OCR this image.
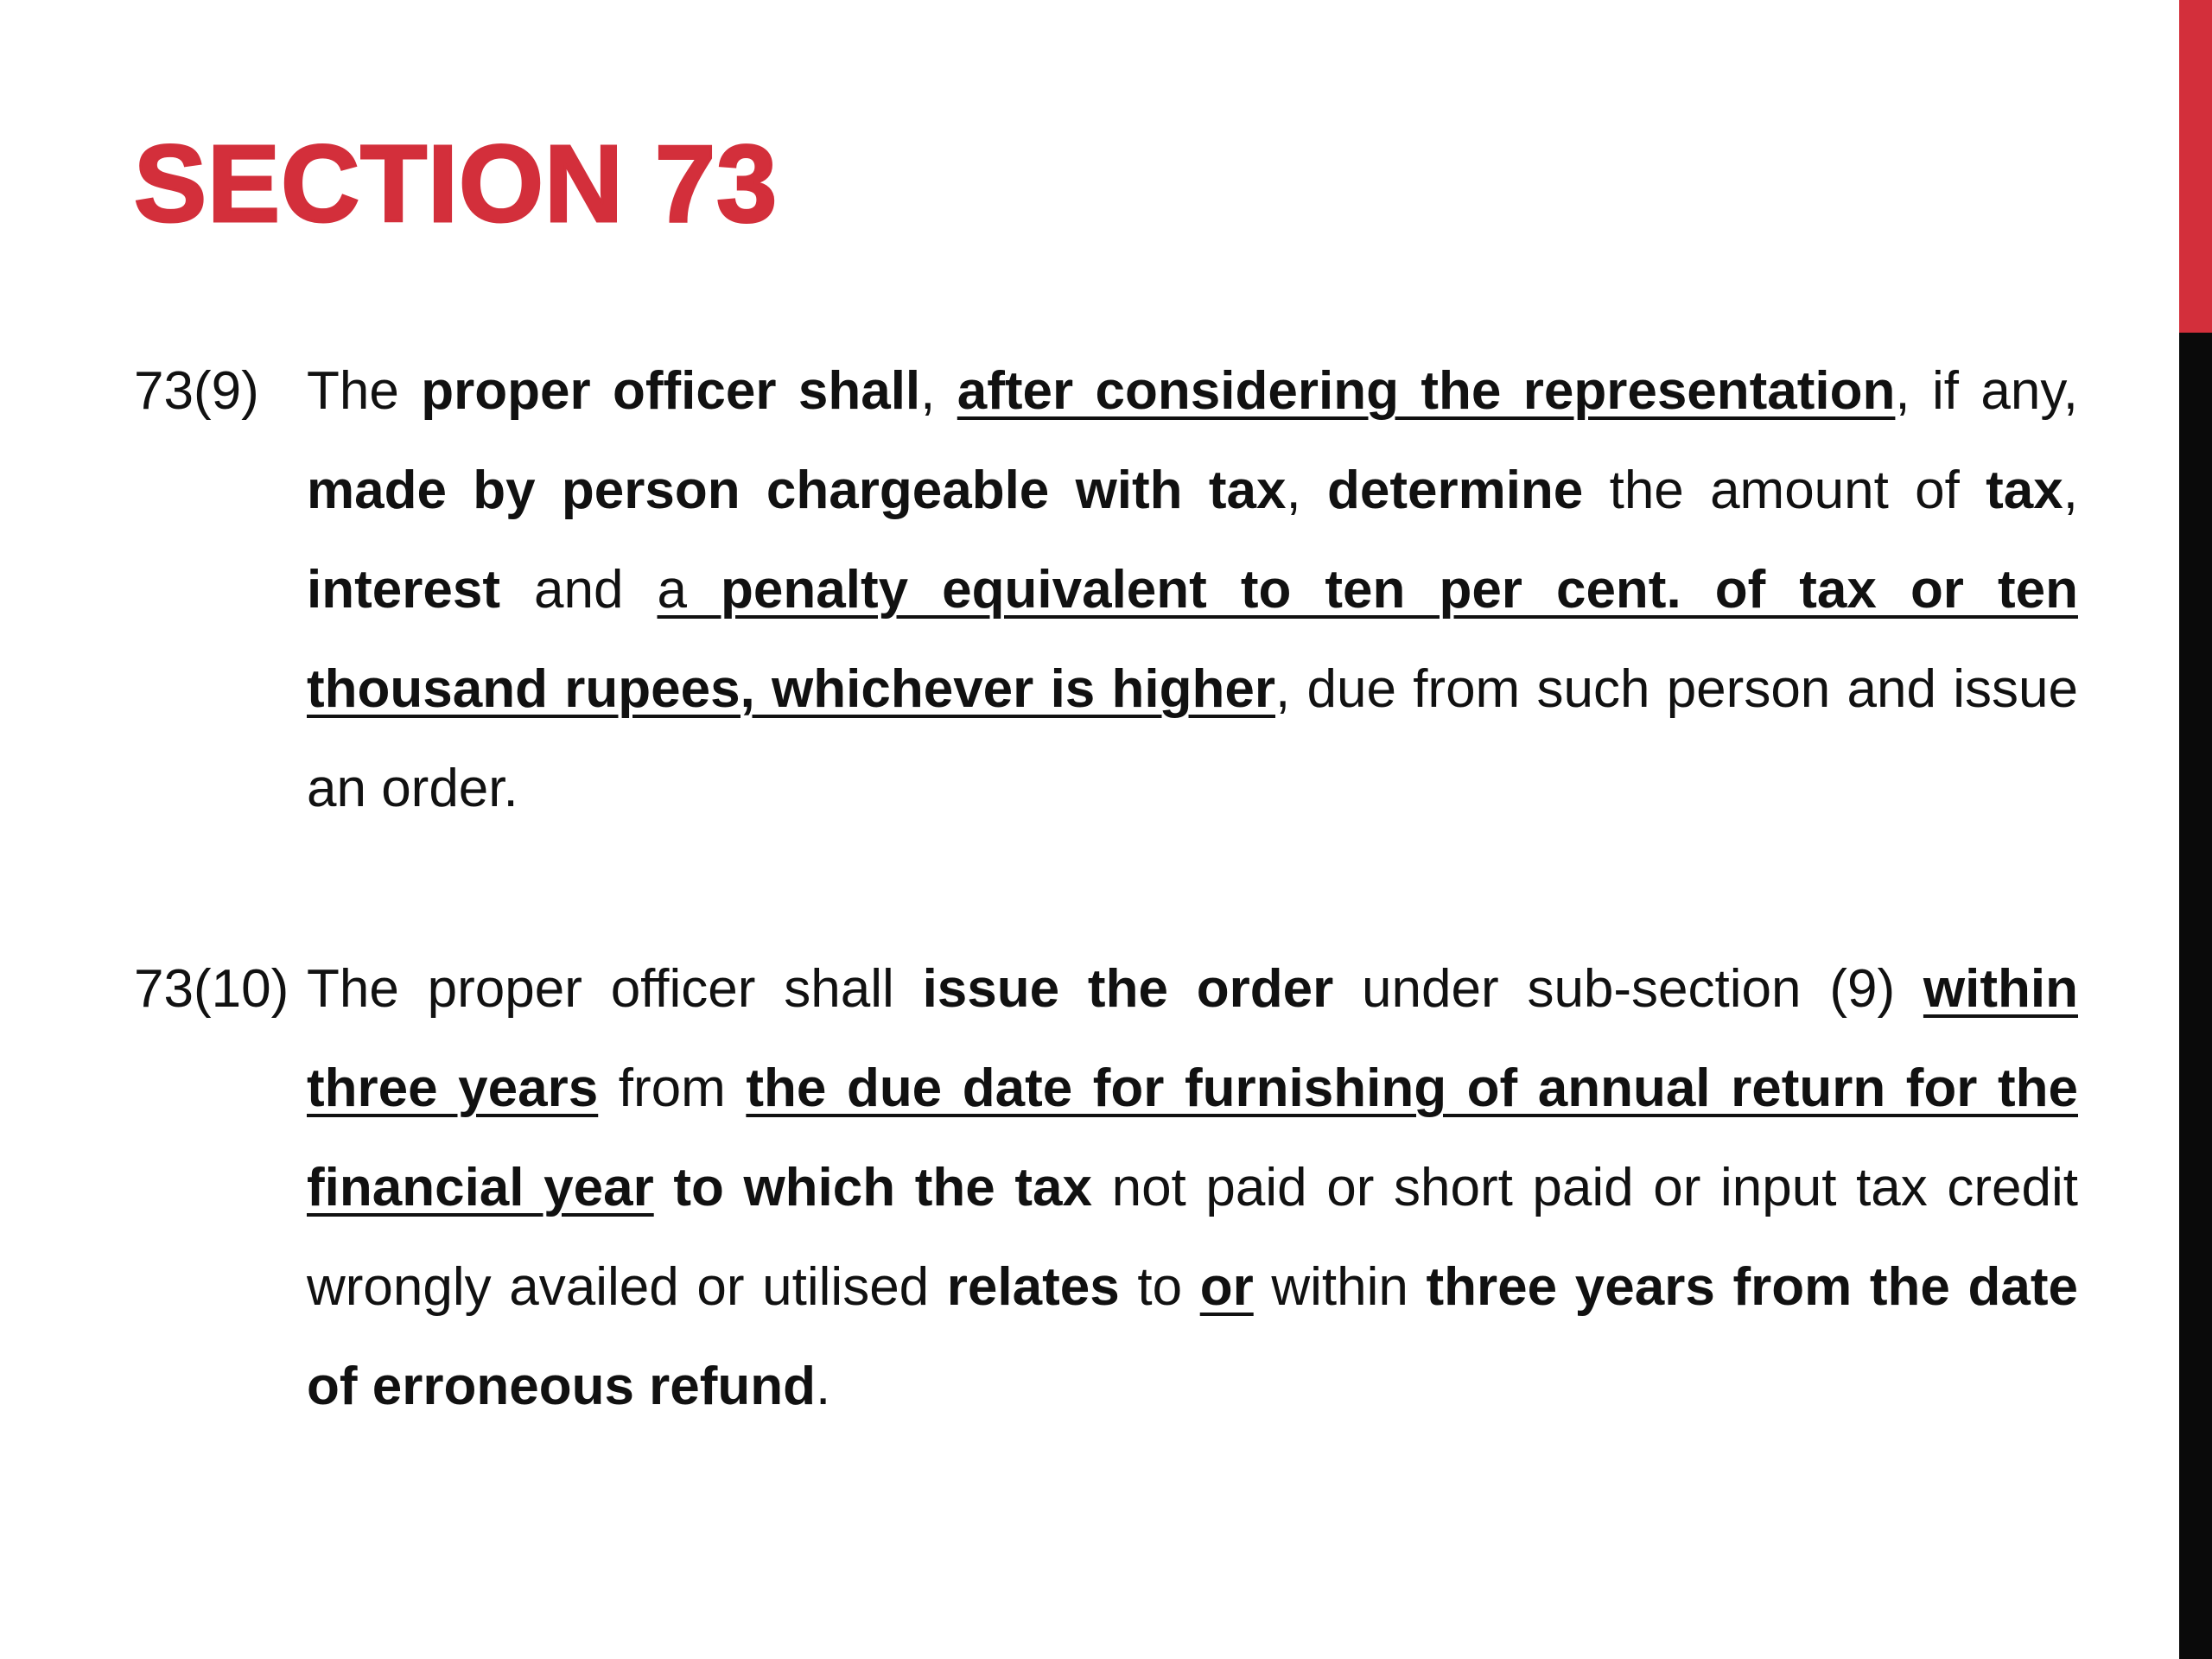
SECTION 73
73(9) The proper officer shall, after considering the representation, if any, made by person chargeable with tax, determine the amount of tax, interest and a penalty equivalent to ten per cent. of tax or ten thousand rupees, whichever is higher, due from such person and issue an order.
73(10) The proper officer shall issue the order under sub-section (9) within three years from the due date for furnishing of annual return for the financial year to which the tax not paid or short paid or input tax credit wrongly availed or utilised relates to or within three years from the date of erroneous refund.
